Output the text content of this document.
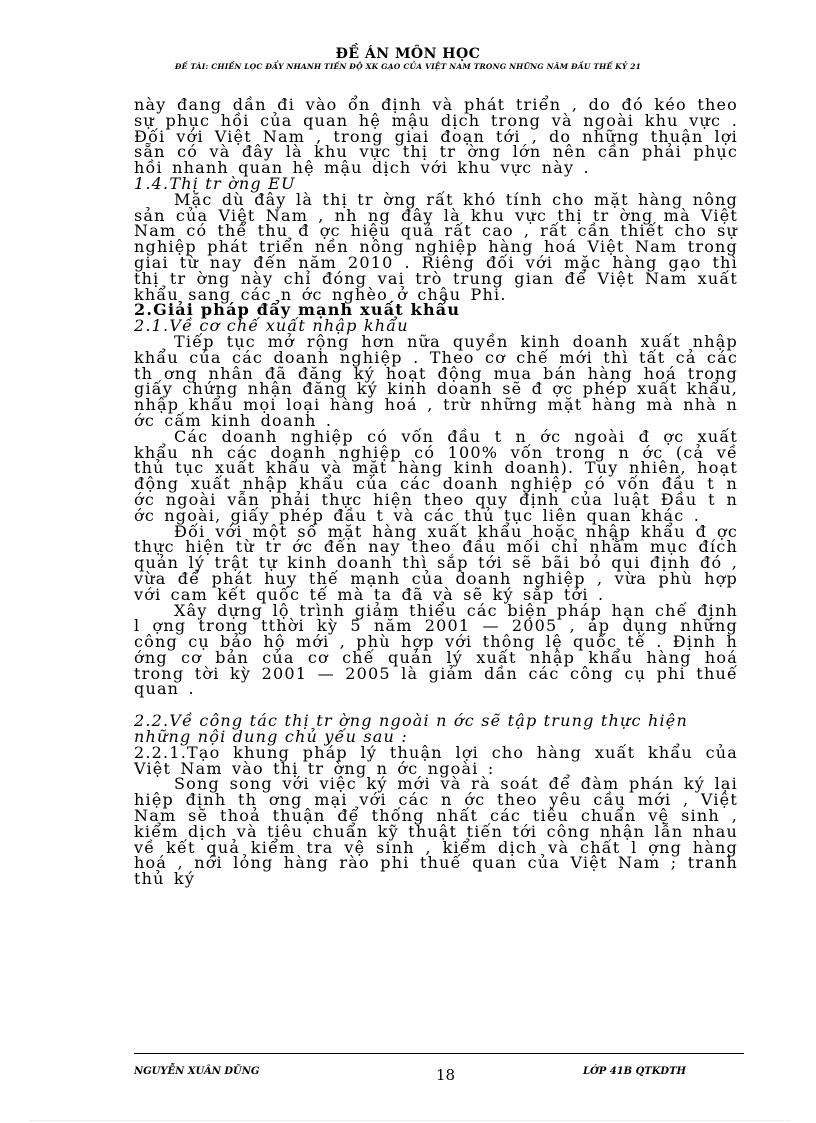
ĐỀ ÁN MÔN HỌC
ĐỀ TÀI: CHIẾN LỌC ĐẨY NHANH TIẾN ĐỘ XK GẠO CỦA VIỆT NAM TRONG NHỮNG NĂM ĐẦU THẾ KỶ 21

này đang dần đi vào ổn định và phát triển , do đó kéo theo sự phục hồi của quan hệ mậu dịch trong và ngoài khu vực . Đối với Việt Nam , trong giai đoạn tới , do những thuận lợi sẵn có và đây là khu vực thị tr ờng lớn nên cần phải phục hồi nhanh quan hệ mậu dịch với khu vực này .

1.4.Thị tr ờng EU

Mặc dù đây là thị tr ờng rất khó tính cho mặt hàng nông sản của Việt Nam , nh ng đây là khu vực thị tr ờng mà Việt Nam có thể thu đ ợc hiệu quả rất cao , rất cần thiết cho sự nghiệp phát triển nền nông nghiệp hàng hoá Việt Nam trong giai từ nay đến năm 2010 . Riêng đối với mặc hàng gạo thì thị tr ờng này chỉ đóng vai trò trung gian để Việt Nam xuất khẩu sang các n ớc nghèo ở châu Phi.

2.Giải pháp đẩy mạnh xuất khẩu

2.1.Về cơ chế xuất nhập khẩu

Tiếp tục mở rộng hơn nữa quyền kinh doanh xuất nhập khẩu của các doanh nghiệp . Theo cơ chế mới thì tất cả các th ơng nhân đã đăng ký hoạt động mua bán hàng hoá trong giấy chứng nhận đăng ký kinh doanh sẽ đ ợc phép xuất khẩu, nhập khẩu mọi loại hàng hoá , trừ những mặt hàng mà nhà n ớc cấm kinh doanh .

Các doanh nghiệp có vốn đầu t n ớc ngoài đ ợc xuất khẩu nh các doanh nghiệp có 100% vốn trong n ớc (cả về thủ tục xuất khẩu và mặt hàng kinh doanh). Tuy nhiên, hoạt động xuất nhập khẩu của các doanh nghiệp có vốn đầu t n ớc ngoài vẫn phải thực hiện theo quy định của luật Đầu t n ớc ngoài, giấy phép đầu t và các thủ tục liên quan khác .

Đối với một số mặt hàng xuất khẩu hoặc nhập khẩu đ ợc thực hiện từ tr ớc đến nay theo đầu mối chỉ nhằm mục đích quản lý trật tự kinh doanh thì sắp tới sẽ bãi bỏ qui định đó , vừa để phát huy thế mạnh của doanh nghiệp , vừa phù hợp với cam kết quốc tế mà ta đã và sẽ ký sắp tới .

Xây dựng lộ trình giảm thiểu các biện pháp hạn chế định l ợng trong tthời kỳ 5 năm 2001 — 2005 , áp dụng những công cụ bảo hộ mới , phù hợp với thông lệ quốc tế . Định h ớng cơ bản của cơ chế quản lý xuất nhập khẩu hàng hoá trong tời kỳ 2001 — 2005 là giảm dần các công cụ phi thuế quan .

2.2.Về công tác thị tr ờng ngoài n ớc sẽ tập trung thực hiện những nội dung chủ yếu sau :

2.2.1.Tạo khung pháp lý thuận lợi cho hàng xuất khẩu của Việt Nam vào thị tr ờng n ớc ngoài :

Song song với việc ký mới và rà soát để đàm phán ký lại hiệp định th ơng mại với các n ớc theo yêu cầu mới , Việt Nam sẽ thoả thuận để thống nhất các tiêu chuẩn vệ sinh , kiểm dịch và tiêu chuẩn kỹ thuật tiến tới công nhận lẫn nhau về kết quả kiểm tra vệ sinh , kiểm dịch và chất l ợng hàng hoá , nới lỏng hàng rào phi thuế quan của Việt Nam ; tranh thủ ký

NGUYỄN XUÂN DŨNG	18	LỚP 41B QTKDTH
